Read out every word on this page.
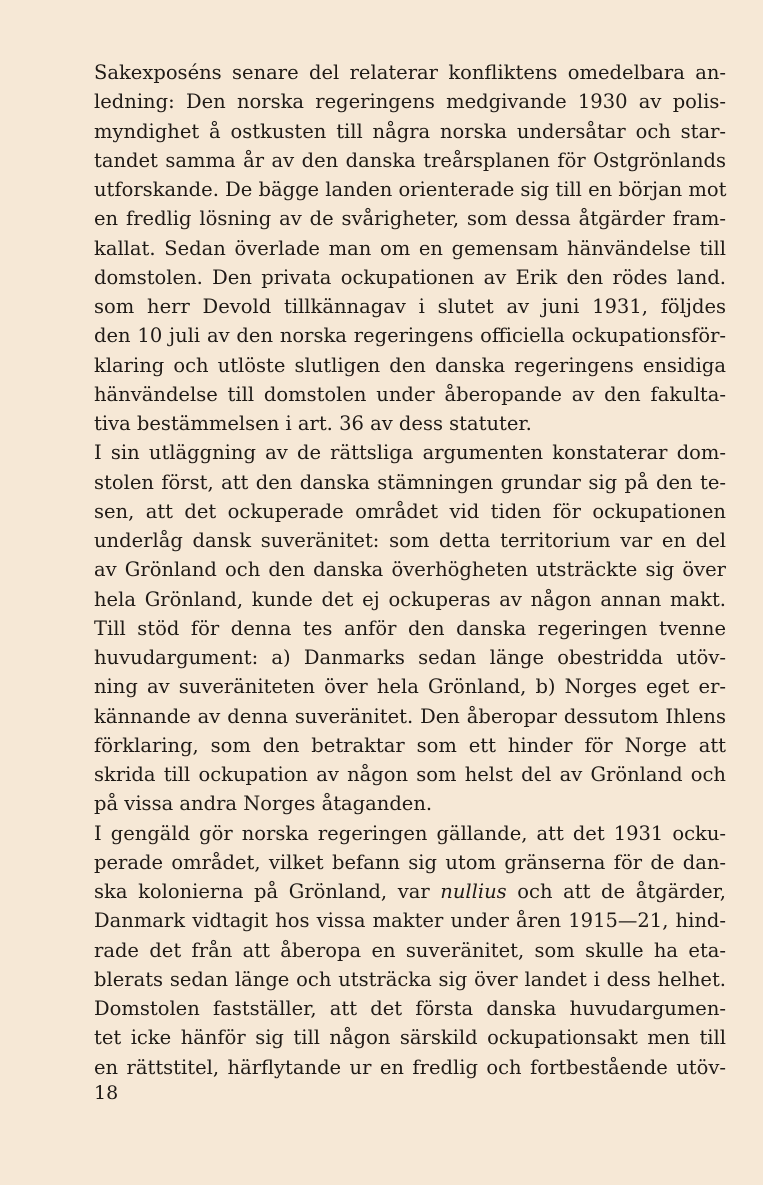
Sakexposéns senare del relaterar konfliktens omedelbara an-
ledning: Den norska regeringens medgivande 1930 av polis-
myndighet å ostkusten till några norska undersåtar och star-
tandet samma år av den danska treårsplanen för Ostgrönlands
utforskande. De bägge landen orienterade sig till en början mot
en fredlig lösning av de svårigheter, som dessa åtgärder fram-
kallat. Sedan överlade man om en gemensam hänvändelse till
domstolen. Den privata ockupationen av Erik den rödes land.
som herr Devold tillkännagav i slutet av juni 1931, följdes
den 10 juli av den norska regeringens officiella ockupationsför-
klaring och utlöste slutligen den danska regeringens ensidiga
hänvändelse till domstolen under åberopande av den fakulta-
tiva bestämmelsen i art. 36 av dess statuter.
I sin utläggning av de rättsliga argumenten konstaterar dom-
stolen först, att den danska stämningen grundar sig på den te-
sen, att det ockuperade området vid tiden för ockupationen
underlåg dansk suveränitet: som detta territorium var en del
av Grönland och den danska överhögheten utsträckte sig över
hela Grönland, kunde det ej ockuperas av någon annan makt.
Till stöd för denna tes anför den danska regeringen tvenne
huvudargument: a) Danmarks sedan länge obestridda utöv-
ning av suveräniteten över hela Grönland, b) Norges eget er-
kännande av denna suveränitet. Den åberopar dessutom Ihlens
förklaring, som den betraktar som ett hinder för Norge att
skrida till ockupation av någon som helst del av Grönland och
på vissa andra Norges åtaganden.
I gengäld gör norska regeringen gällande, att det 1931 ocku-
perade området, vilket befann sig utom gränserna för de dan-
ska kolonierna på Grönland, var nullius och att de åtgärder,
Danmark vidtagit hos vissa makter under åren 1915—21, hind-
rade det från att åberopa en suveränitet, som skulle ha eta-
blerats sedan länge och utsträcka sig över landet i dess helhet.
Domstolen fastställer, att det första danska huvudargumen-
tet icke hänför sig till någon särskild ockupationsakt men till
en rättstitel, härflytande ur en fredlig och fortbestående utöv-
18
